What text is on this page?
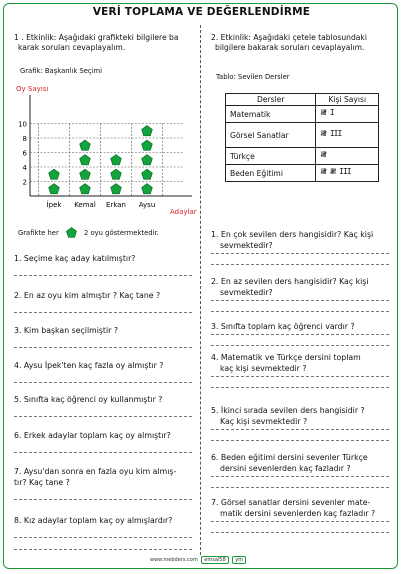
VERİ TOPLAMA VE DEĞERLENDİRME
1 . Etkinlik: Aşağıdaki grafikteki bilgilere ba
karak soruları cevaplayalım.
Grafik: Başkanlık Seçimi
Oy Sayısı
10
8
6
4
2
İpek Kemal Erkan Aysu
Adaylar
Grafikte her	2 oyu göstermektedir.
1. Seçime kaç aday katılmıştır?
2. En az oyu kim almıştır ? Kaç tane ?
3. Kim başkan seçilmiştir ?
4. Aysu İpek'ten kaç fazla oy almıştır ?
5. Sınıfta kaç öğrenci oy kullanmıştır ?
6. Erkek adaylar toplam kaç oy almıştır?
7. Aysu'dan sonra en fazla oyu kim almış-
tır? Kaç tane ?
8. Kız adaylar toplam kaç oy almışlardır?
2. Etkinlik: Aşağıdaki çetele tablosundaki
bilgilere bakarak soruları cevaplayalım.
Tablo: Sevilen Dersler
Dersler	Kişi Sayısı
Matematik	𝍸 I
Görsel Sanatlar	𝍸 III
Türkçe	𝍸
Beden Eğitimi	𝍸 𝍸 III
1. En çok sevilen ders hangisidir? Kaç kişi
sevmektedir?
2. En az sevilen ders hangisidir? Kaç kişi
sevmektedir?
3. Sınıfta toplam kaç öğrenci vardır ?
4. Matematik ve Türkçe dersini toplam
kaç kişi sevmektedir ?
5. İkinci sırada sevilen ders hangisidir ?
Kaç kişi sevmektedir ?
6. Beden eğitimi dersini sevenler Türkçe
dersini sevenlerden kaç fazladır ?
7. Görsel sanatlar dersini sevenler mate-
matik dersini sevenlerden kaç fazladır ?
www.mebders.com emsal58 ym
